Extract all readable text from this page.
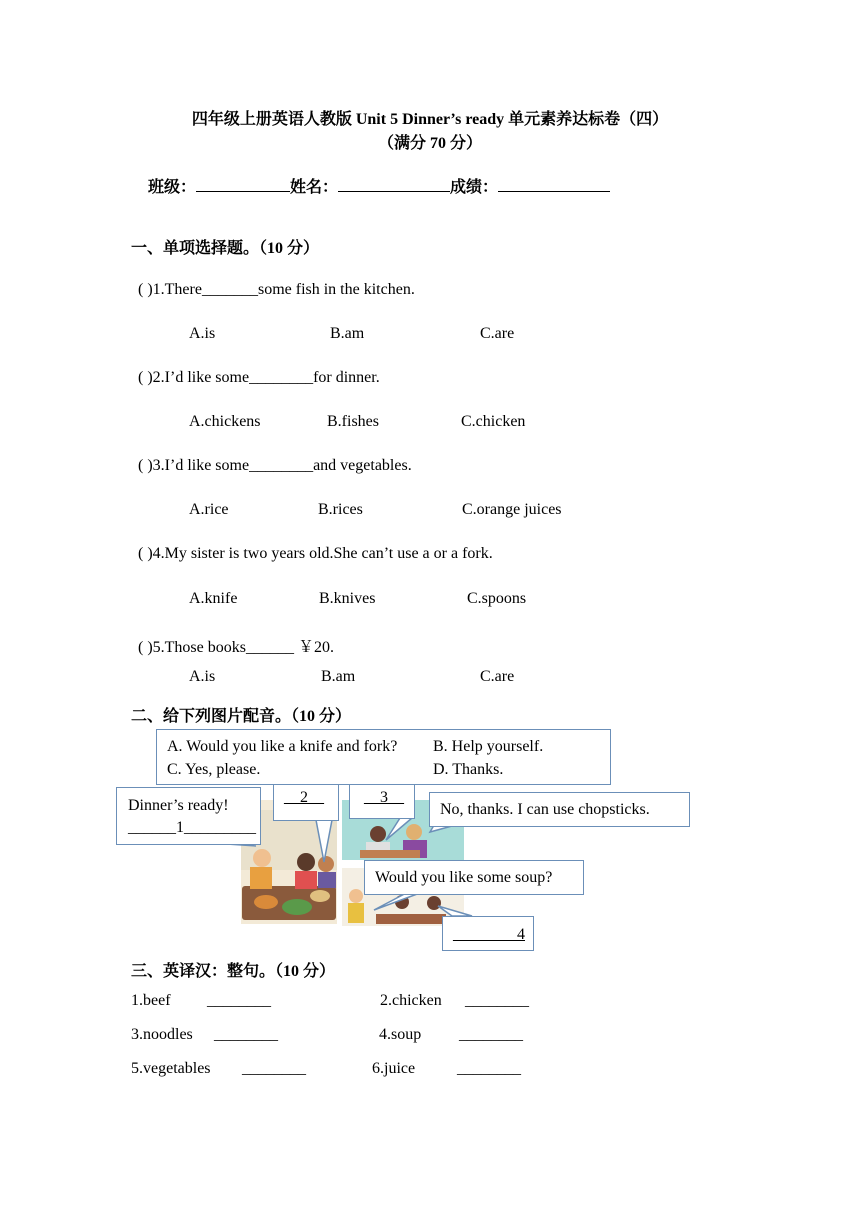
四年级上册英语人教版 Unit 5 Dinner’s ready 单元素养达标卷（四）
（满分 70 分）
班级：	姓名：	成绩：
一、单项选择题。（10 分）
( )1.There_______some fish in the kitchen.
A.is	B.am	C.are
( )2.I’d like some________for dinner.
A.chickens	B.fishes	C.chicken
( )3.I’d like some________and vegetables.
A.rice	B.rices	C.orange juices
( )4.My sister is two years old.She can’t use a or a fork.
A.knife	B.knives	C.spoons
( )5.Those books______ ￥20.
A.is	B.am	C.are
二、给下列图片配音。（10 分）
A. Would you like a knife and fork? B. Help yourself.
C. Yes, please.	D. Thanks.
Dinner’s ready!
______1_________
__2__	__3__
No, thanks. I can use chopsticks.
Would you like some soup?
________4
三、英译汉：整句。（10 分）
1.beef ________	2.chicken ________
3.noodles ________	4.soup ________
5.vegetables ________	6.juice	________
